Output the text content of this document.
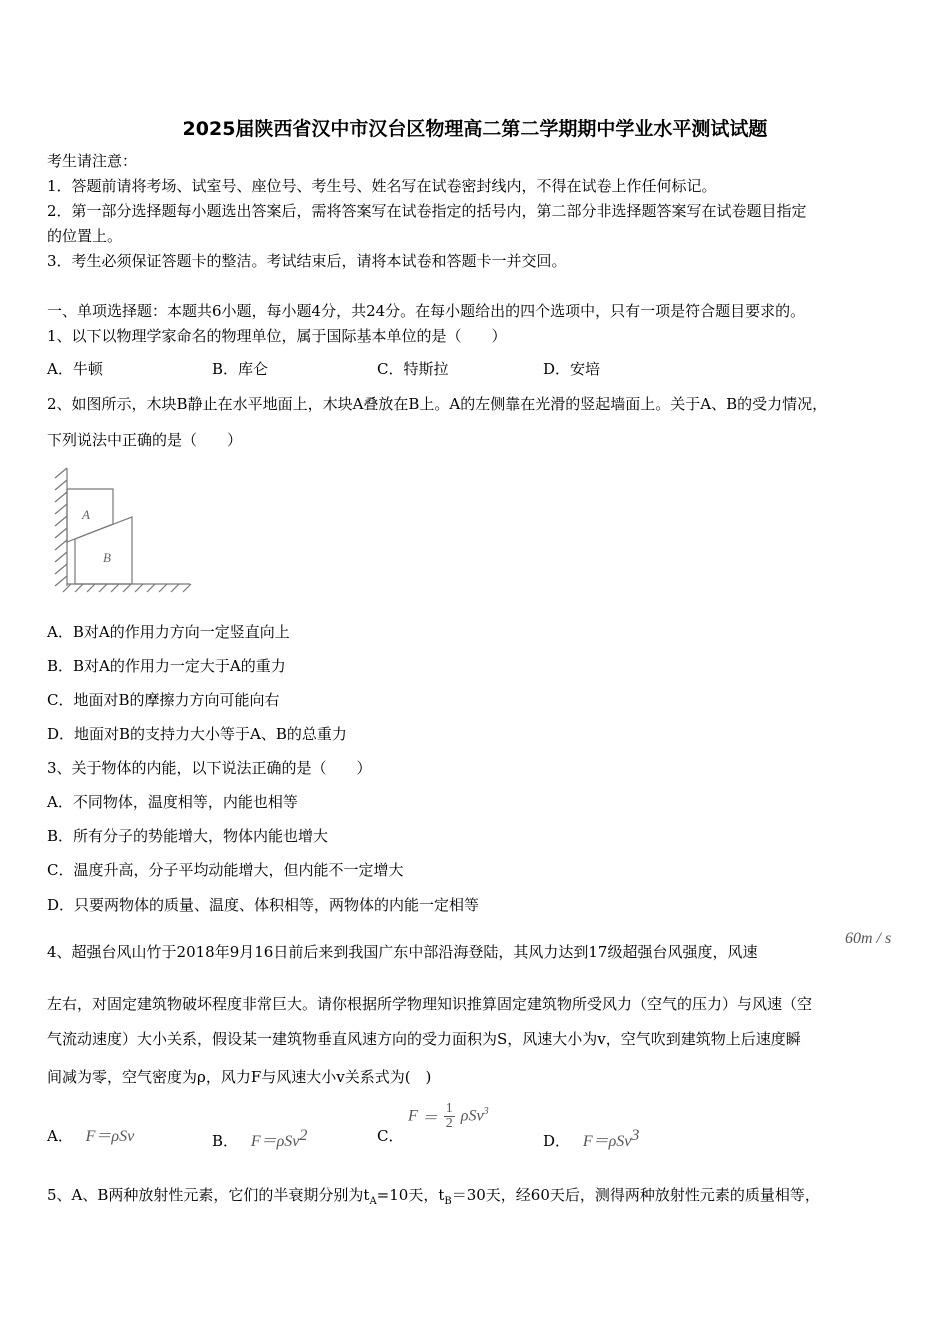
2025届陕西省汉中市汉台区物理高二第二学期期中学业水平测试试题
考生请注意：
1．答题前请将考场、试室号、座位号、考生号、姓名写在试卷密封线内，不得在试卷上作任何标记。
2．第一部分选择题每小题选出答案后，需将答案写在试卷指定的括号内，第二部分非选择题答案写在试卷题目指定
的位置上。
3．考生必须保证答题卡的整洁。考试结束后，请将本试卷和答题卡一并交回。
一、单项选择题：本题共6小题，每小题4分，共24分。在每小题给出的四个选项中，只有一项是符合题目要求的。
1、以下以物理学家命名的物理单位，属于国际基本单位的是（　　）
A．牛顿	B．库仑	C．特斯拉	D．安培
2、如图所示，木块B静止在水平地面上，木块A叠放在B上。A的左侧靠在光滑的竖起墙面上。关于A、B的受力情况，
下列说法中正确的是（　　）
A
B
A．B对A的作用力方向一定竖直向上
B．B对A的作用力一定大于A的重力
C．地面对B的摩擦力方向可能向右
D．地面对B的支持力大小等于A、B的总重力
3、关于物体的内能，以下说法正确的是（　　）
A．不同物体，温度相等，内能也相等
B．所有分子的势能增大，物体内能也增大
C．温度升高，分子平均动能增大，但内能不一定增大
D．只要两物体的质量、温度、体积相等，两物体的内能一定相等
4、超强台风山竹于2018年9月16日前后来到我国广东中部沿海登陆，其风力达到17级超强台风强度，风速
60m / s
左右，对固定建筑物破坏程度非常巨大。请你根据所学物理知识推算固定建筑物所受风力（空气的压力）与风速（空
气流动速度）大小关系，假设某一建筑物垂直风速方向的受力面积为S，风速大小为v，空气吹到建筑物上后速度瞬
间减为零，空气密度为ρ，风力F与风速大小v关系式为(　)
A． F＝ρSv	B． F＝ρSv$^2$	C．
$F = \frac{1}{2} \rho Sv^3$
D． F＝ρSv$^3$
5、A、B两种放射性元素，它们的半衰期分别为$t_A=10$天，$t_B=30$天，经60天后，测得两种放射性元素的质量相等，
